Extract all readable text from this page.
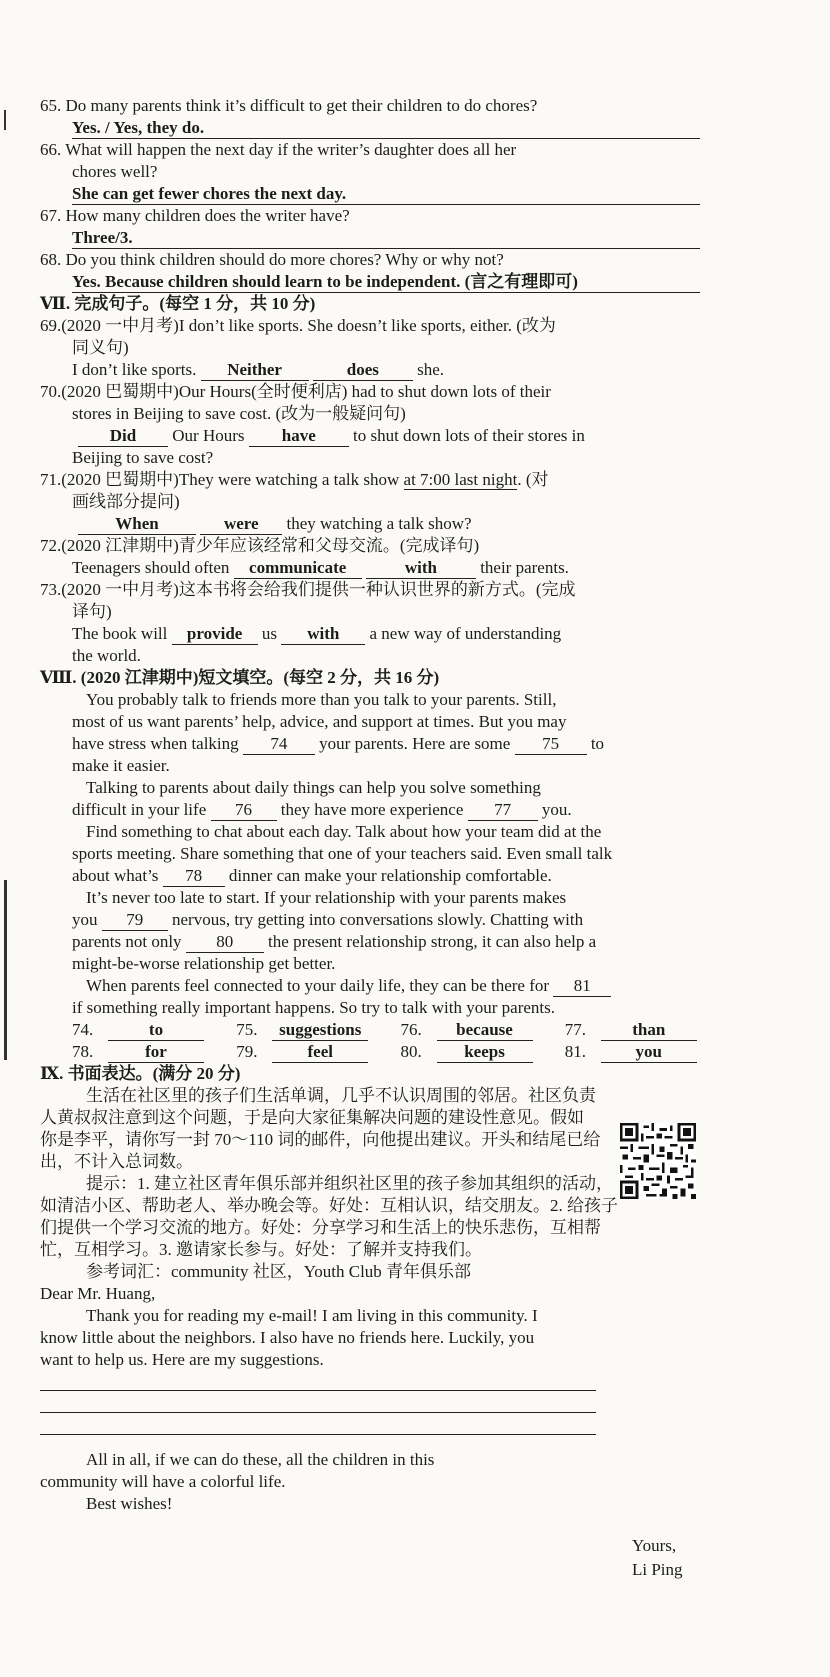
65. Do many parents think it’s difficult to get their children to do chores?
Yes. / Yes, they do.
66. What will happen the next day if the writer’s daughter does all her
chores well?
She can get fewer chores the next day.
67. How many children does the writer have?
Three/3.
68. Do you think children should do more chores? Why or why not?
Yes. Because children should learn to be independent. (言之有理即可)
Ⅶ. 完成句子。(每空 1 分，共 10 分)
69.(2020 一中月考)I don’t like sports. She doesn’t like sports, either. (改为
同义句)
I don’t like sports. Neither	does she.
70.(2020 巴蜀期中)Our Hours(全时便利店) had to shut down lots of their
stores in Beijing to save cost. (改为一般疑问句)
Did Our Hours have to shut down lots of their stores in
Beijing to save cost?
71.(2020 巴蜀期中)They were watching a talk show at 7:00 last night. (对
画线部分提问)
When	were they watching a talk show?
72.(2020 江津期中)青少年应该经常和父母交流。(完成译句)
Teenagers should often communicate	with	their parents.
73.(2020 一中月考)这本书将会给我们提供一种认识世界的新方式。(完成
译句)
The book will provide us with a new way of understanding
the world.
Ⅷ. (2020 江津期中)短文填空。(每空 2 分，共 16 分)
You probably talk to friends more than you talk to your parents. Still,
most of us want parents’ help, advice, and support at times. But you may
have stress when talking 74 your parents. Here are some 75 to
make it easier.
Talking to parents about daily things can help you solve something
difficult in your life 76 they have more experience 77 you.
Find something to chat about each day. Talk about how your team did at the
sports meeting. Share something that one of your teachers said. Even small talk
about what’s 78 dinner can make your relationship comfortable.
It’s never too late to start. If your relationship with your parents makes
you 79 nervous, try getting into conversations slowly. Chatting with
parents not only 80 the present relationship strong, it can also help a
might-be-worse relationship get better.
When parents feel connected to your daily life, they can be there for 81
if something really important happens. So try to talk with your parents.
74.	to	75. suggestions 76. because	77.	than
78.	for	79.	feel	80. keeps	81.	you
Ⅸ. 书面表达。(满分 20 分)
生活在社区里的孩子们生活单调，几乎不认识周围的邻居。社区负责
人黄叔叔注意到这个问题，于是向大家征集解决问题的建设性意见。假如
你是李平，请你写一封 70～110 词的邮件，向他提出建议。开头和结尾已给
出，不计入总词数。
提示：1. 建立社区青年俱乐部并组织社区里的孩子参加其组织的活动，
如清洁小区、帮助老人、举办晚会等。好处：互相认识，结交朋友。2. 给孩子
们提供一个学习交流的地方。好处：分享学习和生活上的快乐悲伤，互相帮
忙，互相学习。3. 邀请家长参与。好处：了解并支持我们。
参考词汇：community 社区，Youth Club 青年俱乐部
Dear Mr. Huang,
Thank you for reading my e-mail! I am living in this community. I
know little about the neighbors. I also have no friends here. Luckily, you
want to help us. Here are my suggestions.
All in all, if we can do these, all the children in this
community will have a colorful life.
Best wishes!
Yours,
Li Ping
